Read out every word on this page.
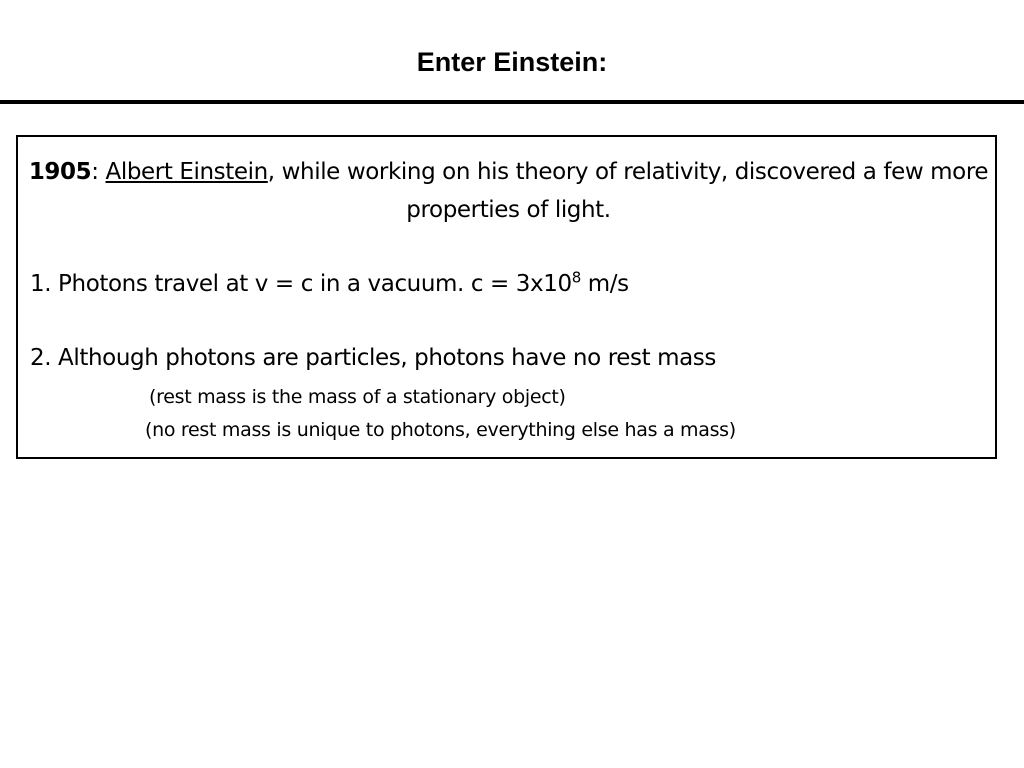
Enter Einstein:
1905: Albert Einstein, while working on his theory of relativity, discovered a few more properties of light.
1. Photons travel at v = c in a vacuum. $c = 3x10^8$ m/s
2. Although photons are particles, photons have no rest mass
(rest mass is the mass of a stationary object)
(no rest mass is unique to photons, everything else has a mass)
